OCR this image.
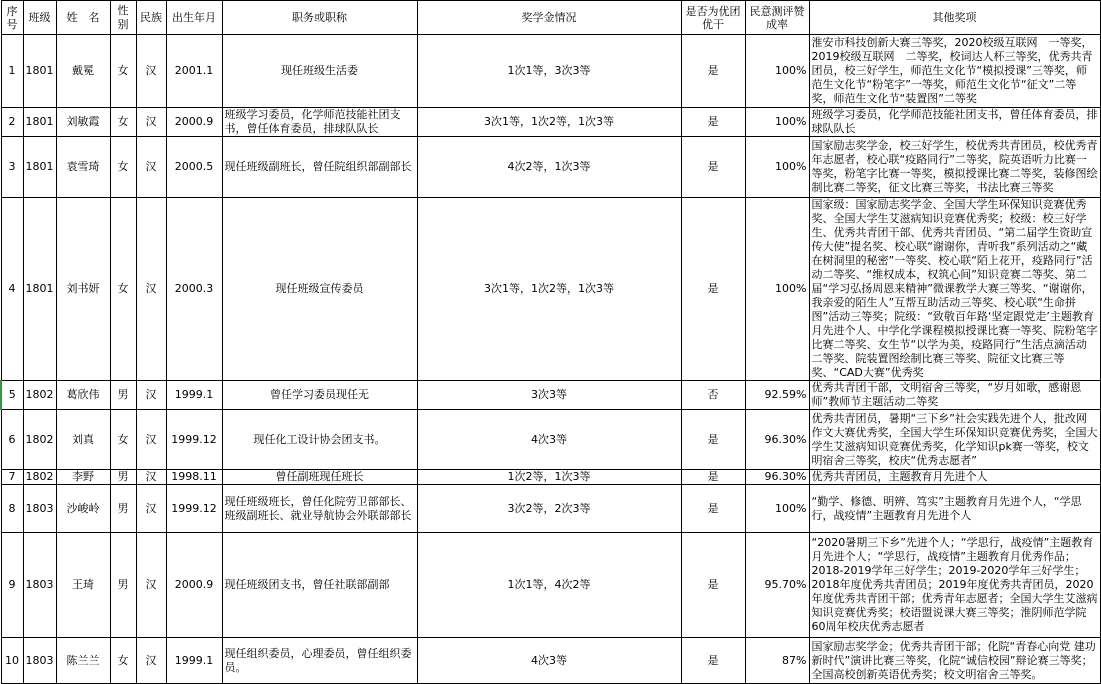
序号	班级	姓　名	性别	民族	出生年月	职务或职称	奖学金情况	是否为优团优干	民意测评赞成率	其他奖项
1	1801	戴冕	女	汉	2001.1	现任班级生活委	1次1等，3次3等	是	100%	淮安市科技创新大赛三等奖，2020校级互联网　一等奖，2019校级互联网　二等奖，校词达人杯三等奖，优秀共青团员，校三好学生，师范生文化节“模拟授课”三等奖，师范生文化节“粉笔字”一等奖，师范生文化节“征文”二等奖，师范生文化节“装置图”二等奖
2	1801	刘敏霞	女	汉	2000.9	班级学习委员，化学师范技能社团支书，曾任体育委员，排球队队长	3次1等，1次2等，1次3等	是	100%	班级学习委员，化学师范技能社团支书，曾任体育委员，排球队队长
3	1801	袁雪琦	女	汉	2000.5	现任班级副班长，曾任院组织部副部长	4次2等，1次3等	是	100%	国家励志奖学金，校三好学生，校优秀共青团员，校优秀青年志愿者，校心联“疫路同行”二等奖，院英语听力比赛一等奖，粉笔字比赛一等奖，模拟授课比赛二等奖，装修图绘制比赛二等奖，征文比赛三等奖，书法比赛三等奖
4	1801	刘书妍	女	汉	2000.3	现任班级宣传委员	3次1等，1次2等，1次3等	是	100%	国家级：国家励志奖学金、全国大学生环保知识竞赛优秀奖、全国大学生艾滋病知识竞赛优秀奖；校级：校三好学生、优秀共青团干部、优秀共青团员、“第二届学生资助宣传大使”提名奖、校心联“谢谢你，青听我”系列活动之“藏在树洞里的秘密”一等奖、校心联“陌上花开，疫路同行”活动二等奖、“维权成本，权筑心间”知识竞赛二等奖、第二届“学习弘扬周恩来精神”微课教学大赛三等奖、“谢谢你，我亲爱的陌生人”互帮互助活动三等奖、校心联“生命拼图”活动三等奖；院级：“致敬百年路‘坚定跟党走’主题教育月先进个人、中学化学课程模拟授课比赛一等奖、院粉笔字比赛二等奖、女生节“以学为美，疫路同行”生活点滴活动二等奖、院装置图绘制比赛三等奖、院征文比赛三等奖、“CAD大赛”优秀奖
5	1802	葛欣伟	男	汉	1999.1	曾任学习委员现任无	3次3等	否	92.59%	优秀共青团干部，文明宿舍三等奖，“岁月如歌，感谢恩师”教师节主题活动二等奖
6	1802	刘真	女	汉	1999.12	现任化工设计协会团支书。	4次3等	是	96.30%	优秀共青团员，暑期“三下乡”社会实践先进个人，批改网作文大赛优秀奖，全国大学生环保知识竞赛优秀奖，全国大学生艾滋病知识竞赛优秀奖，化学知识pk赛一等奖，校文明宿舍三等奖，校庆“优秀志愿者”
7	1802	李野	男	汉	1998.11	曾任副班现任班长	1次2等，1次3等	是	96.30%	优秀共青团员，主题教育月先进个人
8	1803	沙峻岭	男	汉	1999.12	现任班级班长，曾任化院劳卫部部长、班级副班长、就业导航协会外联部部长	3次2等，2次3等	是	100%	“勤学、修德、明辨、笃实”主题教育月先进个人，“学思行，战疫情”主题教育月先进个人
9	1803	王琦	男	汉	2000.9	现任班级团支书，曾任社联部副部	1次1等，4次2等	是	95.70%	“2020暑期三下乡”先进个人；“学思行，战疫情”主题教育月先进个人；“学思行，战疫情”主题教育月优秀作品；2018-2019学年三好学生；2019-2020学年三好学生；2018年度优秀共青团员；2019年度优秀共青团员，2020年度优秀共青团干部；优秀青年志愿者；全国大学生艾滋病知识竞赛优秀奖；校语盟说课大赛三等奖；淮阴师范学院60周年校庆优秀志愿者
10	1803	陈兰兰	女	汉	1999.1	现任组织委员，心理委员，曾任组织委员。	4次3等	是	87%	国家励志奖学金；优秀共青团干部；化院“青春心向党 建功新时代”演讲比赛三等奖，化院“诚信校园”辩论赛三等奖；全国高校创新英语优秀奖；校文明宿舍三等奖。
